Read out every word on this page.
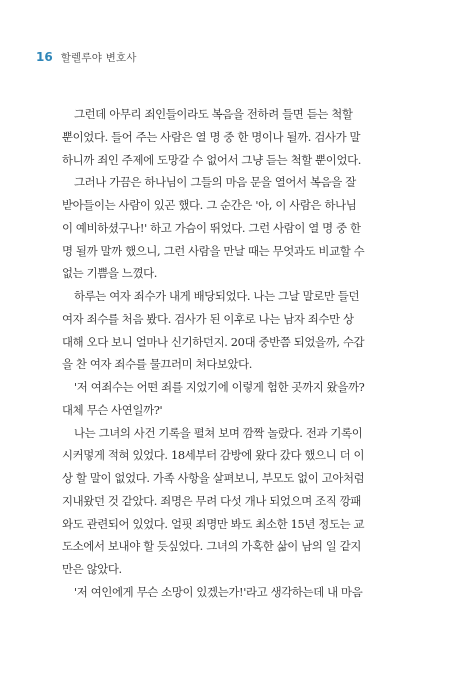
16 할렐루야 변호사
그런데 아무리 죄인들이라도 복음을 전하려 들면 듣는 척할
뿐이었다. 들어 주는 사람은 열 명 중 한 명이나 될까. 검사가 말
하니까 죄인 주제에 도망갈 수 없어서 그냥 듣는 척할 뿐이었다.
그러나 가끔은 하나님이 그들의 마음 문을 열어서 복음을 잘
받아들이는 사람이 있곤 했다. 그 순간은 '아, 이 사람은 하나님
이 예비하셨구나!' 하고 가슴이 뛰었다. 그런 사람이 열 명 중 한
명 될까 말까 했으니, 그런 사람을 만날 때는 무엇과도 비교할 수
없는 기쁨을 느꼈다.
하루는 여자 죄수가 내게 배당되었다. 나는 그날 말로만 들던
여자 죄수를 처음 봤다. 검사가 된 이후로 나는 남자 죄수만 상
대해 오다 보니 얼마나 신기하던지. 20대 중반쯤 되었을까, 수갑
을 찬 여자 죄수를 물끄러미 쳐다보았다.
'저 여죄수는 어떤 죄를 지었기에 이렇게 험한 곳까지 왔을까?
대체 무슨 사연일까?'
나는 그녀의 사건 기록을 펼쳐 보며 깜짝 놀랐다. 전과 기록이
시커멓게 적혀 있었다. 18세부터 감방에 왔다 갔다 했으니 더 이
상 할 말이 없었다. 가족 사항을 살펴보니, 부모도 없이 고아처럼
지내왔던 것 같았다. 죄명은 무려 다섯 개나 되었으며 조직 깡패
와도 관련되어 있었다. 얼핏 죄명만 봐도 최소한 15년 정도는 교
도소에서 보내야 할 듯싶었다. 그녀의 가혹한 삶이 남의 일 같지
만은 않았다.
'저 여인에게 무슨 소망이 있겠는가!'라고 생각하는데 내 마음
